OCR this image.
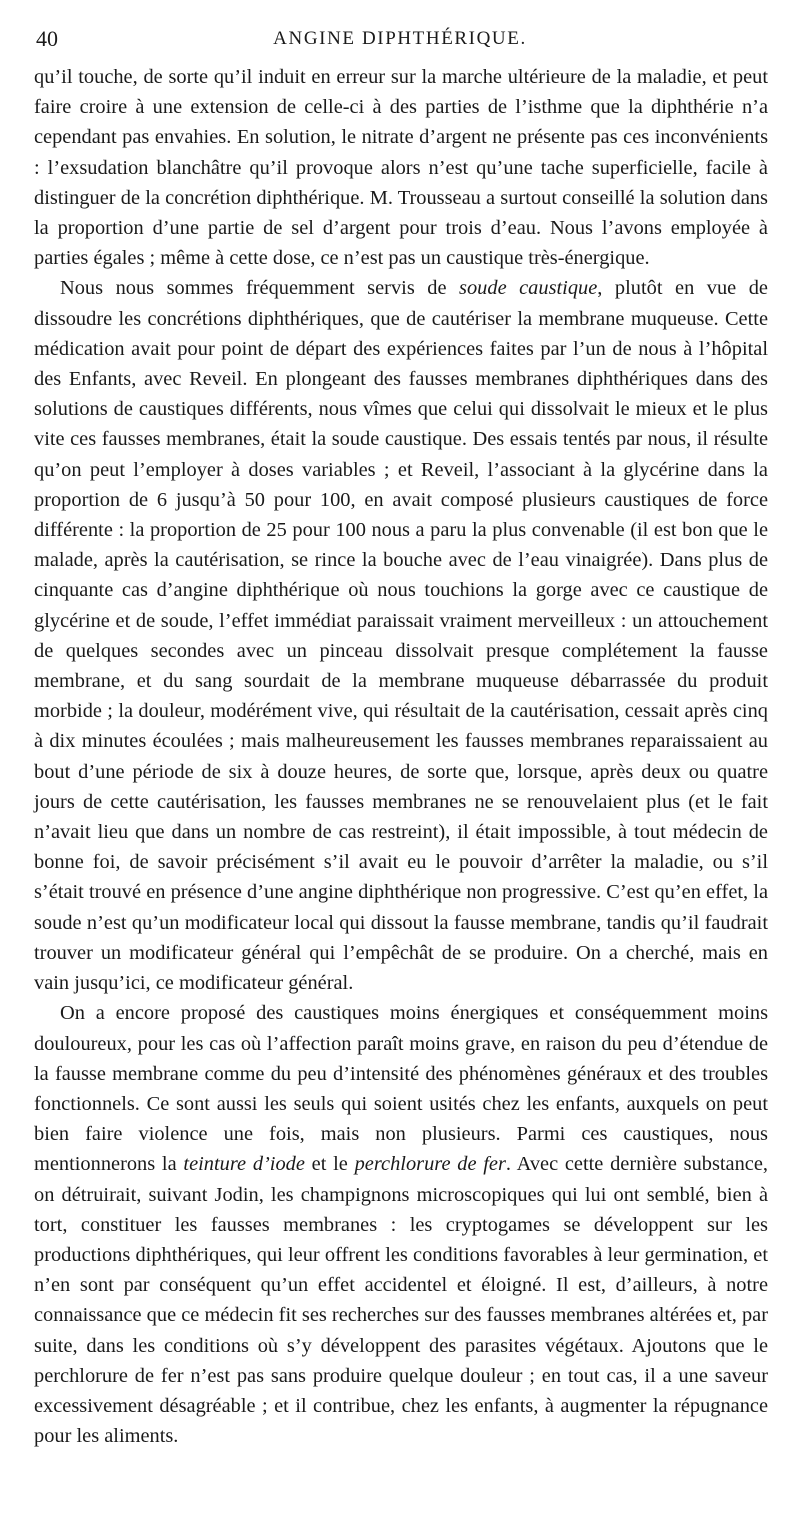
40	ANGINE DIPHTHÉRIQUE.

qu’il touche, de sorte qu’il induit en erreur sur la marche ultérieure de la maladie, et peut faire croire à une extension de celle-ci à des parties de l’isthme que la diphthérie n’a cependant pas envahies. En solution, le nitrate d’argent ne présente pas ces inconvénients : l’exsudation blanchâtre qu’il provoque alors n’est qu’une tache superficielle, facile à distinguer de la concrétion diphthérique. M. Trousseau a surtout conseillé la solution dans la proportion d’une partie de sel d’argent pour trois d’eau. Nous l’avons employée à parties égales ; même à cette dose, ce n’est pas un caustique très-énergique.

Nous nous sommes fréquemment servis de soude caustique, plutôt en vue de dissoudre les concrétions diphthériques, que de cautériser la membrane muqueuse. Cette médication avait pour point de départ des expériences faites par l’un de nous à l’hôpital des Enfants, avec Reveil. En plongeant des fausses membranes diphthériques dans des solutions de caustiques différents, nous vîmes que celui qui dissolvait le mieux et le plus vite ces fausses membranes, était la soude caustique. Des essais tentés par nous, il résulte qu’on peut l’employer à doses variables ; et Reveil, l’associant à la glycérine dans la proportion de 6 jusqu’à 50 pour 100, en avait composé plusieurs caustiques de force différente : la proportion de 25 pour 100 nous a paru la plus convenable (il est bon que le malade, après la cautérisation, se rince la bouche avec de l’eau vinaigrée). Dans plus de cinquante cas d’angine diphthérique où nous touchions la gorge avec ce caustique de glycérine et de soude, l’effet immédiat paraissait vraiment merveilleux : un attouchement de quelques secondes avec un pinceau dissolvait presque complétement la fausse membrane, et du sang sourdait de la membrane muqueuse débarrassée du produit morbide ; la douleur, modérément vive, qui résultait de la cautérisation, cessait après cinq à dix minutes écoulées ; mais malheureusement les fausses membranes reparaissaient au bout d’une période de six à douze heures, de sorte que, lorsque, après deux ou quatre jours de cette cautérisation, les fausses membranes ne se renouvelaient plus (et le fait n’avait lieu que dans un nombre de cas restreint), il était impossible, à tout médecin de bonne foi, de savoir précisément s’il avait eu le pouvoir d’arrêter la maladie, ou s’il s’était trouvé en présence d’une angine diphthérique non progressive. C’est qu’en effet, la soude n’est qu’un modificateur local qui dissout la fausse membrane, tandis qu’il faudrait trouver un modificateur général qui l’empêchât de se produire. On a cherché, mais en vain jusqu’ici, ce modificateur général.

On a encore proposé des caustiques moins énergiques et conséquemment moins douloureux, pour les cas où l’affection paraît moins grave, en raison du peu d’étendue de la fausse membrane comme du peu d’intensité des phénomènes généraux et des troubles fonctionnels. Ce sont aussi les seuls qui soient usités chez les enfants, auxquels on peut bien faire violence une fois, mais non plusieurs. Parmi ces caustiques, nous mentionnerons la teinture d’iode et le perchlorure de fer. Avec cette dernière substance, on détruirait, suivant Jodin, les champignons microscopiques qui lui ont semblé, bien à tort, constituer les fausses membranes : les cryptogames se développent sur les productions diphthériques, qui leur offrent les conditions favorables à leur germination, et n’en sont par conséquent qu’un effet accidentel et éloigné. Il est, d’ailleurs, à notre connaissance que ce médecin fit ses recherches sur des fausses membranes altérées et, par suite, dans les conditions où s’y développent des parasites végétaux. Ajoutons que le perchlorure de fer n’est pas sans produire quelque douleur ; en tout cas, il a une saveur excessivement désagréable ; et il contribue, chez les enfants, à augmenter la répugnance pour les aliments.
